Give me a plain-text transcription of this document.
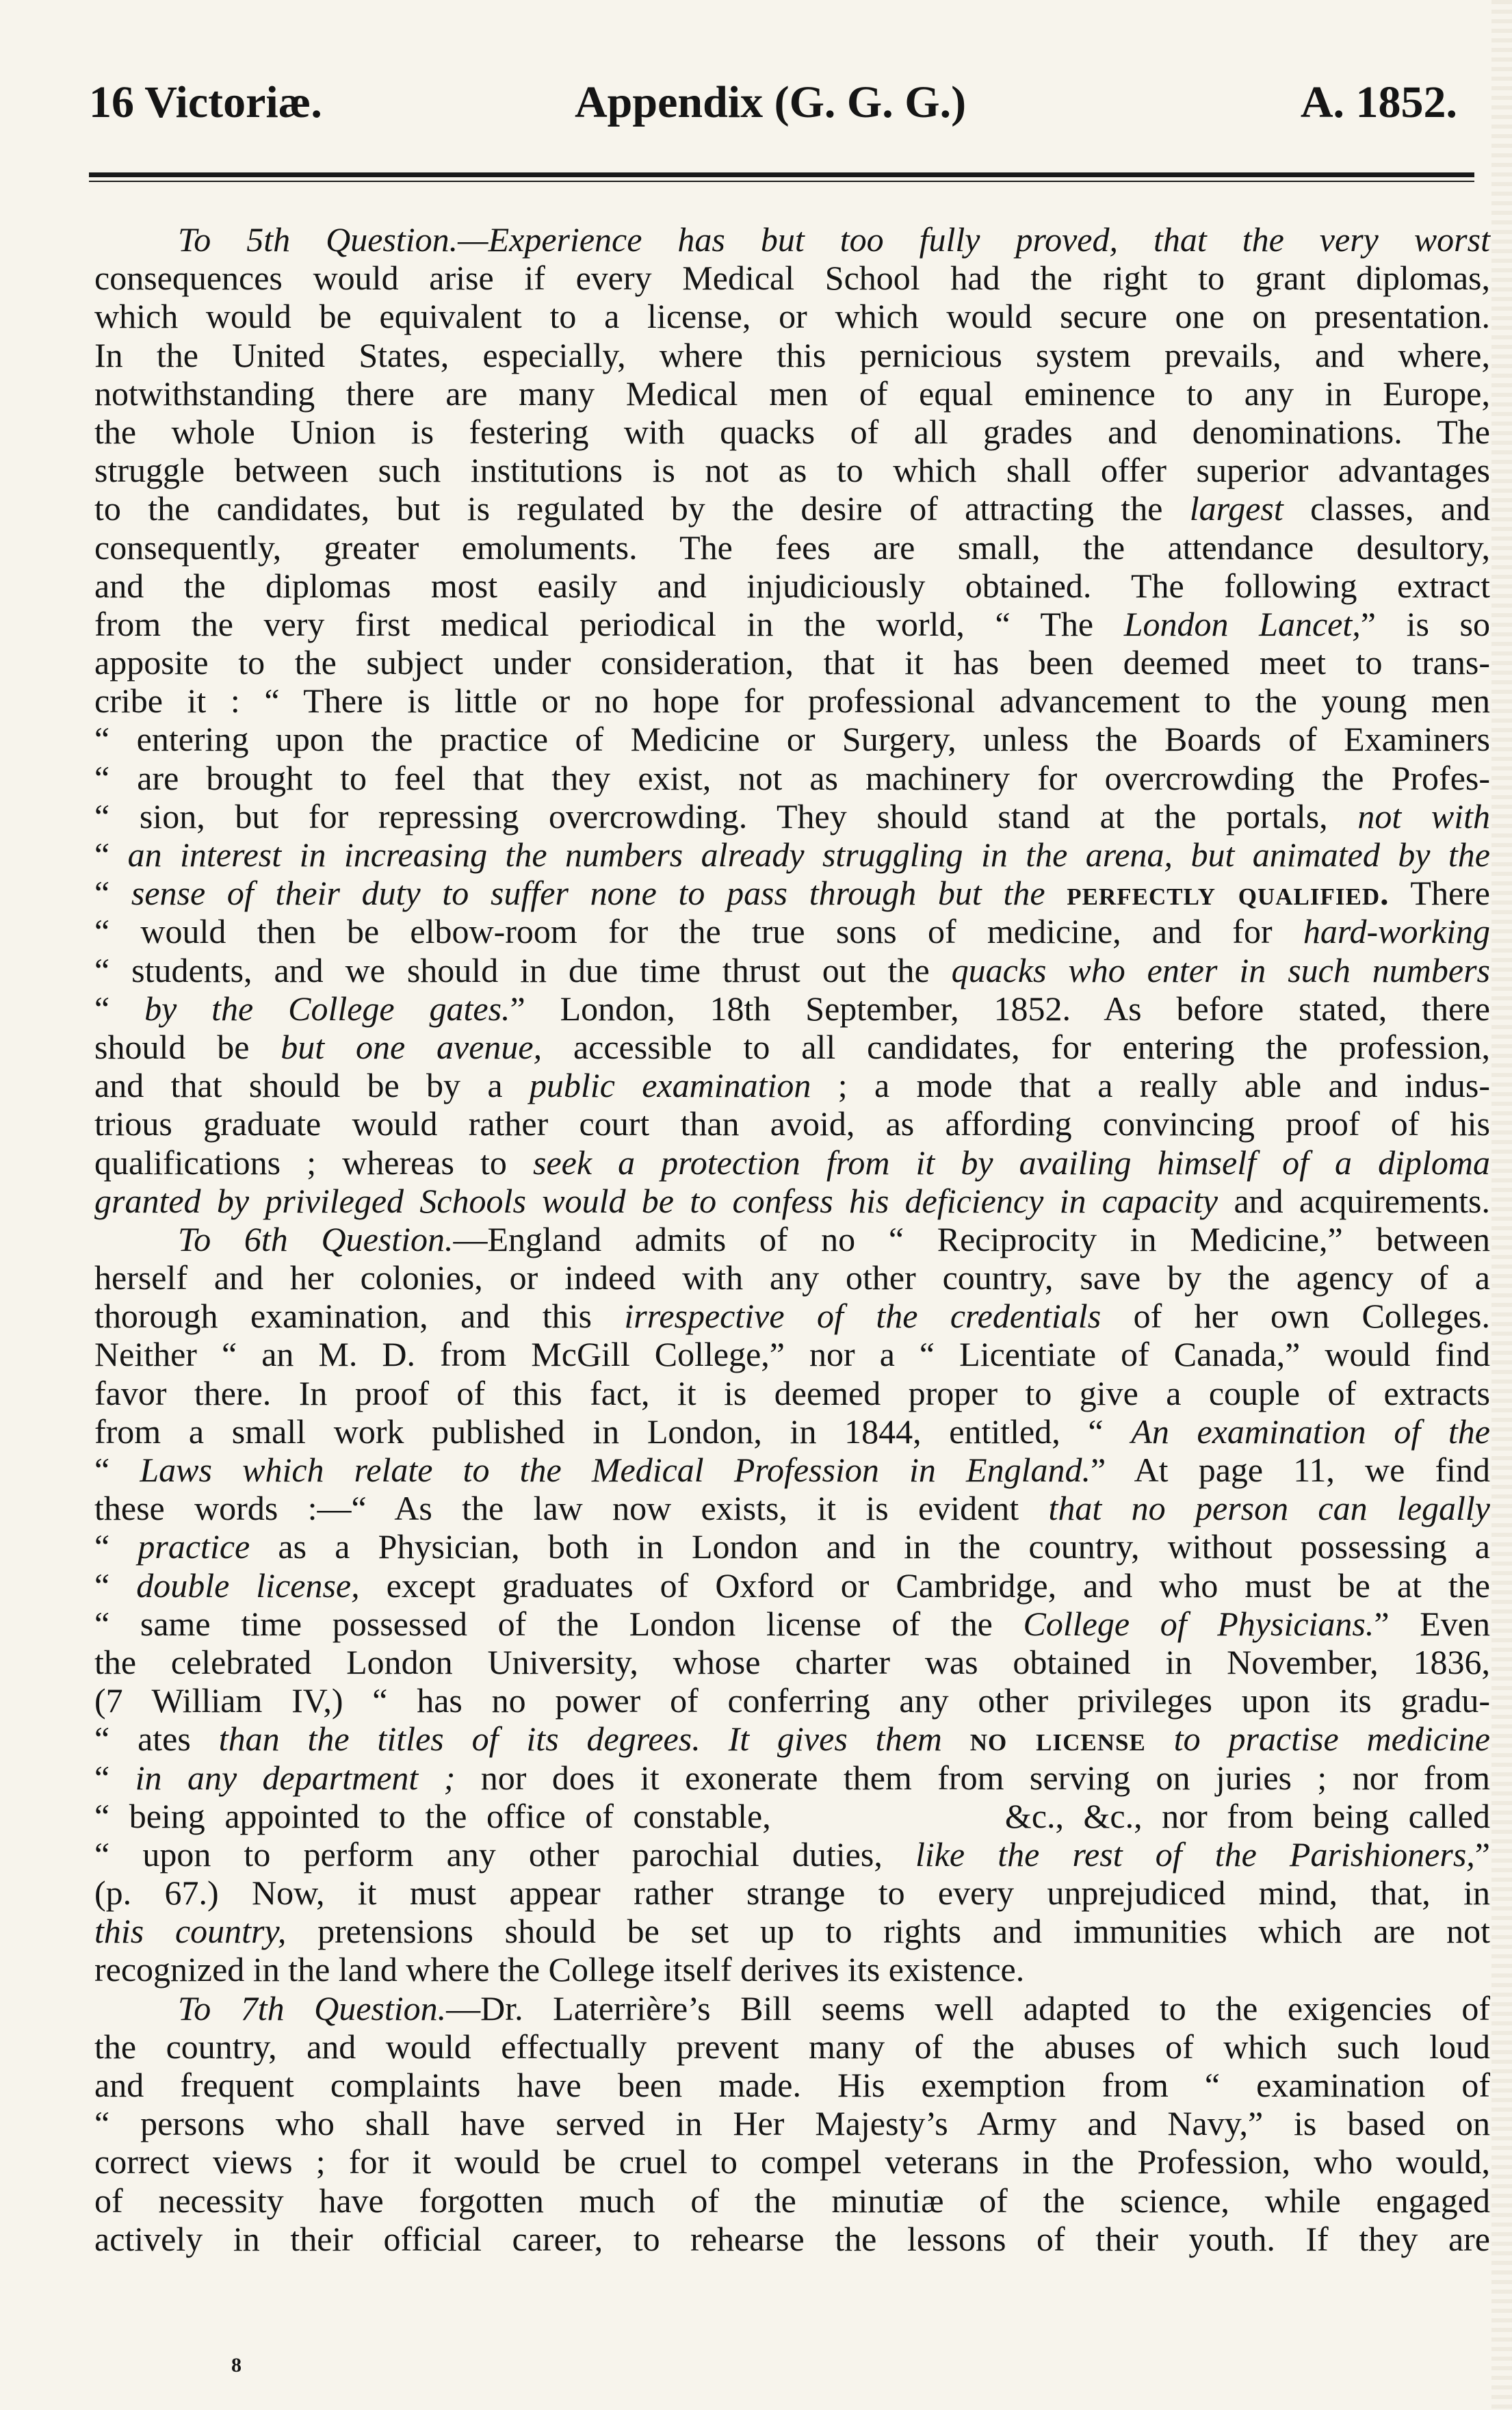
16 Victoriæ.	Appendix (G. G. G.)	A. 1852.
To 5th Question.—Experience has but too fully proved, that the very worst
consequences would arise if every Medical School had the right to grant diplomas,
which would be equivalent to a license, or which would secure one on presentation.
In the United States, especially, where this pernicious system prevails, and where,
notwithstanding there are many Medical men of equal eminence to any in Europe,
the whole Union is festering with quacks of all grades and denominations. The
struggle between such institutions is not as to which shall offer superior advantages
to the candidates, but is regulated by the desire of attracting the largest classes, and
consequently, greater emoluments. The fees are small, the attendance desultory,
and the diplomas most easily and injudiciously obtained. The following extract
from the very first medical periodical in the world, “ The London Lancet,” is so
apposite to the subject under consideration, that it has been deemed meet to trans-
cribe it : “ There is little or no hope for professional advancement to the young men
“ entering upon the practice of Medicine or Surgery, unless the Boards of Examiners
“ are brought to feel that they exist, not as machinery for overcrowding the Profes-
“ sion, but for repressing overcrowding. They should stand at the portals, not with
“ an interest in increasing the numbers already struggling in the arena, but animated by the
“ sense of their duty to suffer none to pass through but the perfectly qualified. There
“ would then be elbow-room for the true sons of medicine, and for hard-working
“ students, and we should in due time thrust out the quacks who enter in such numbers
“ by the College gates.” London, 18th September, 1852. As before stated, there
should be but one avenue, accessible to all candidates, for entering the profession,
and that should be by a public examination ; a mode that a really able and indus-
trious graduate would rather court than avoid, as affording convincing proof of his
qualifications ; whereas to seek a protection from it by availing himself of a diploma
granted by privileged Schools would be to confess his deficiency in capacity and acquirements.
To 6th Question.—England admits of no “ Reciprocity in Medicine,” between
herself and her colonies, or indeed with any other country, save by the agency of a
thorough examination, and this irrespective of the credentials of her own Colleges.
Neither “ an M. D. from McGill College,” nor a “ Licentiate of Canada,” would find
favor there. In proof of this fact, it is deemed proper to give a couple of extracts
from a small work published in London, in 1844, entitled, “ An examination of the
“ Laws which relate to the Medical Profession in England.” At page 11, we find
these words :—“ As the law now exists, it is evident that no person can legally
“ practice as a Physician, both in London and in the country, without possessing a
“ double license, except graduates of Oxford or Cambridge, and who must be at the
“ same time possessed of the London license of the College of Physicians.” Even
the celebrated London University, whose charter was obtained in November, 1836,
(7 William IV,) “ has no power of conferring any other privileges upon its gradu-
“ ates than the titles of its degrees. It gives them no license to practise medicine
“ in any department ; nor does it exonerate them from serving on juries ; nor from
“ being appointed to the office of constable,            &c., &c., nor from being called
“ upon to perform any other parochial duties, like the rest of the Parishioners,”
(p. 67.) Now, it must appear rather strange to every unprejudiced mind, that, in
this country, pretensions should be set up to rights and immunities which are not
recognized in the land where the College itself derives its existence.
To 7th Question.—Dr. Laterrière’s Bill seems well adapted to the exigencies of
the country, and would effectually prevent many of the abuses of which such loud
and frequent complaints have been made. His exemption from “ examination of
“ persons who shall have served in Her Majesty’s Army and Navy,” is based on
correct views ; for it would be cruel to compel veterans in the Profession, who would,
of necessity have forgotten much of the minutiæ of the science, while engaged
actively in their official career, to rehearse the lessons of their youth. If they are
8
